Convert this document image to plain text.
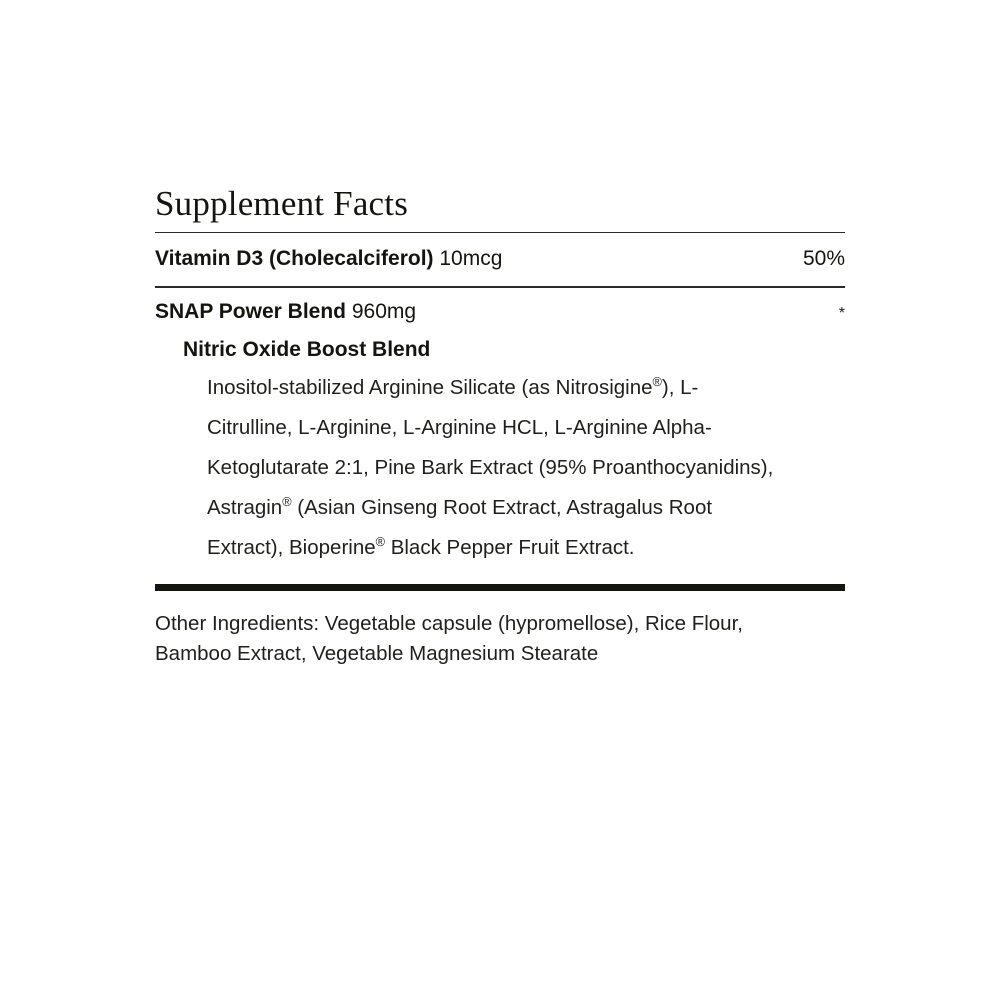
Supplement Facts
Vitamin D3 (Cholecalciferol) 10mcg	50%
SNAP Power Blend 960mg	*
Nitric Oxide Boost Blend
Inositol-stabilized Arginine Silicate (as Nitrosigine®), L-Citrulline, L-Arginine, L-Arginine HCL, L-Arginine Alpha-Ketoglutarate 2:1, Pine Bark Extract (95% Proanthocyanidins), Astragin® (Asian Ginseng Root Extract, Astragalus Root Extract), Bioperine® Black Pepper Fruit Extract.
Other Ingredients: Vegetable capsule (hypromellose), Rice Flour, Bamboo Extract, Vegetable Magnesium Stearate
